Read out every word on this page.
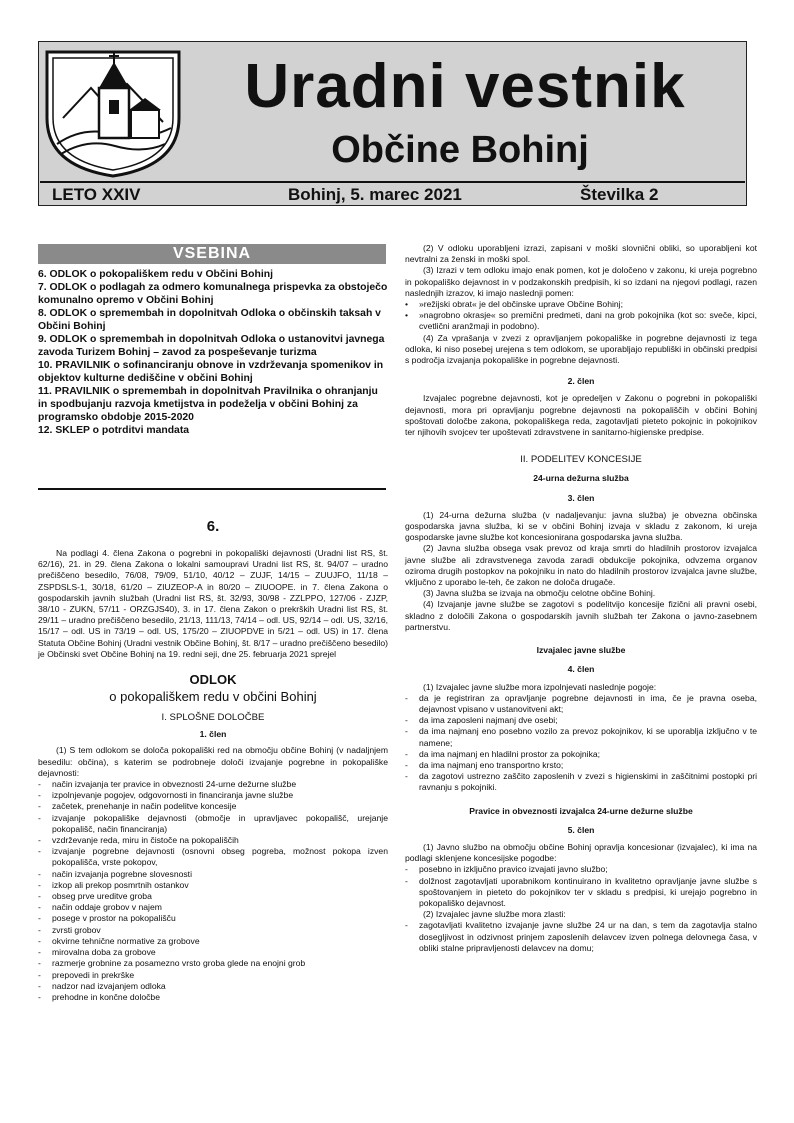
Uradni vestnik
Občine Bohinj
LETO XXIV	Bohinj, 5. marec 2021	Številka 2
VSEBINA
6. ODLOK o pokopališkem redu v Občini Bohinj
7. ODLOK o podlagah za odmero komunalnega prispevka za obstoječo komunalno opremo v Občini Bohinj
8. ODLOK o spremembah in dopolnitvah Odloka o občinskih taksah v Občini Bohinj
9. ODLOK o spremembah in dopolnitvah Odloka o ustanovitvi javnega zavoda Turizem Bohinj – zavod za pospeševanje turizma
10. PRAVILNIK o sofinanciranju obnove in vzdrževanja spomenikov in objektov kulturne dediščine v občini Bohinj
11. PRAVILNIK o spremembah in dopolnitvah Pravilnika o ohranjanju in spodbujanju razvoja kmetijstva in podeželja v občini Bohinj za programsko obdobje 2015-2020
12. SKLEP o potrditvi mandata
6.
Na podlagi 4. člena Zakona o pogrebni in pokopališki dejavnosti (Uradni list RS, št. 62/16), 21. in 29. člena Zakona o lokalni samoupravi Uradni list RS, št. 94/07 – uradno prečiščeno besedilo, 76/08, 79/09, 51/10, 40/12 – ZUJF, 14/15 – ZUUJFO, 11/18 – ZSPDSLS-1, 30/18, 61/20 – ZIUZEOP-A in 80/20 – ZIUOOPE. in 7. člena Zakona o gospodarskih javnih službah (Uradni list RS, št. 32/93, 30/98 - ZZLPPO, 127/06 - ZJZP, 38/10 - ZUKN, 57/11 - ORZGJS40), 3. in 17. člena Zakon o prekrških Uradni list RS, št. 29/11 – uradno prečiščeno besedilo, 21/13, 111/13, 74/14 – odl. US, 92/14 – odl. US, 32/16, 15/17 – odl. US in 73/19 – odl. US, 175/20 – ZIUOPDVE in 5/21 – odl. US) in 17. člena Statuta Občine Bohinj (Uradni vestnik Občine Bohinj, št. 8/17 – uradno prečiščeno besedilo) je Občinski svet Občine Bohinj na 19. redni seji, dne 25. februarja 2021 sprejel
ODLOK
o pokopališkem redu v občini Bohinj
I. SPLOŠNE DOLOČBE
1. člen
(1) S tem odlokom se določa pokopališki red na območju občine Bohinj (v nadaljnjem besedilu: občina), s katerim se podrobneje določi izvajanje pogrebne in pokopališke dejavnosti:
- način izvajanja ter pravice in obveznosti 24-urne dežurne službe
- izpolnjevanje pogojev, odgovornosti in financiranja javne službe
- začetek, prenehanje in način podelitve koncesije
- izvajanje pokopališke dejavnosti (območje in upravljavec pokopališč, urejanje pokopališč, način financiranja)
- vzdrževanje reda, miru in čistoče na pokopališčih
- izvajanje pogrebne dejavnosti (osnovni obseg pogreba, možnost pokopa izven pokopališča, vrste pokopov,
- način izvajanja pogrebne slovesnosti
- izkop ali prekop posmrtnih ostankov
- obseg prve ureditve groba
- način oddaje grobov v najem
- posege v prostor na pokopališču
- zvrsti grobov
- okvirne tehnične normative za grobove
- mirovalna doba za grobove
- razmerje grobnine za posamezno vrsto groba glede na enojni grob
- prepovedi in prekrške
- nadzor nad izvajanjem odloka
- prehodne in končne določbe
(2) V odloku uporabljeni izrazi, zapisani v moški slovnični obliki, so uporabljeni kot nevtralni za ženski in moški spol.
(3) Izrazi v tem odloku imajo enak pomen, kot je določeno v zakonu, ki ureja pogrebno in pokopališko dejavnost in v podzakonskih predpisih, ki so izdani na njegovi podlagi, razen naslednjih izrazov, ki imajo naslednji pomen:
• »režijski obrat« je del občinske uprave Občine Bohinj;
• »nagrobno okrasje« so premični predmeti, dani na grob pokojnika (kot so: sveče, kipci, cvetlični aranžmaji in podobno).
(4) Za vprašanja v zvezi z opravljanjem pokopališke in pogrebne dejavnosti iz tega odloka, ki niso posebej urejena s tem odlokom, se uporabljajo republiški in občinski predpisi s področja izvajanja pokopališke in pogrebne dejavnosti.
2. člen
Izvajalec pogrebne dejavnosti, kot je opredeljen v Zakonu o pogrebni in pokopališki dejavnosti, mora pri opravljanju pogrebne dejavnosti na pokopališčih v občini Bohinj spoštovati določbe zakona, pokopališkega reda, zagotavljati pieteto pokojnic in pokojnikov ter njihovih svojcev ter upoštevati zdravstvene in sanitarno-higienske predpise.
II. PODELITEV KONCESIJE
24-urna dežurna služba
3. člen
(1) 24-urna dežurna služba (v nadaljevanju: javna služba) je obvezna občinska gospodarska javna služba, ki se v občini Bohinj izvaja v skladu z zakonom, ki ureja gospodarske javne službe kot koncesionirana gospodarska javna služba.
(2) Javna služba obsega vsak prevoz od kraja smrti do hladilnih prostorov izvajalca javne službe ali zdravstvenega zavoda zaradi obdukcije pokojnika, odvzema organov oziroma drugih postopkov na pokojniku in nato do hladilnih prostorov izvajalca javne službe, vključno z uporabo le-teh, če zakon ne določa drugače.
(3) Javna služba se izvaja na območju celotne občine Bohinj.
(4) Izvajanje javne službe se zagotovi s podelitvijo koncesije fizični ali pravni osebi, skladno z določili Zakona o gospodarskih javnih službah ter Zakona o javno-zasebnem partnerstvu.
Izvajalec javne službe
4. člen
(1) Izvajalec javne službe mora izpolnjevati naslednje pogoje:
- da je registriran za opravljanje pogrebne dejavnosti in ima, če je pravna oseba, dejavnost vpisano v ustanovitveni akt;
- da ima zaposleni najmanj dve osebi;
- da ima najmanj eno posebno vozilo za prevoz pokojnikov, ki se uporablja izključno v te namene;
- da ima najmanj en hladilni prostor za pokojnika;
- da ima najmanj eno transportno krsto;
- da zagotovi ustrezno zaščito zaposlenih v zvezi s higienskimi in zaščitnimi postopki pri ravnanju s pokojniki.
Pravice in obveznosti izvajalca 24-urne dežurne službe
5. člen
(1) Javno službo na območju občine Bohinj opravlja koncesionar (izvajalec), ki ima na podlagi sklenjene koncesijske pogodbe:
- posebno in izključno pravico izvajati javno službo;
- dolžnost zagotavljati uporabnikom kontinuirano in kvalitetno opravljanje javne službe s spoštovanjem in pieteto do pokojnikov ter v skladu s predpisi, ki urejajo pogrebno in pokopališko dejavnost.
(2) Izvajalec javne službe mora zlasti:
- zagotavljati kvalitetno izvajanje javne službe 24 ur na dan, s tem da zagotavlja stalno dosegljivost in odzivnost prinjem zaposlenih delavcev izven polnega delovnega časa, v obliki stalne pripravljenosti delavcev na domu;
